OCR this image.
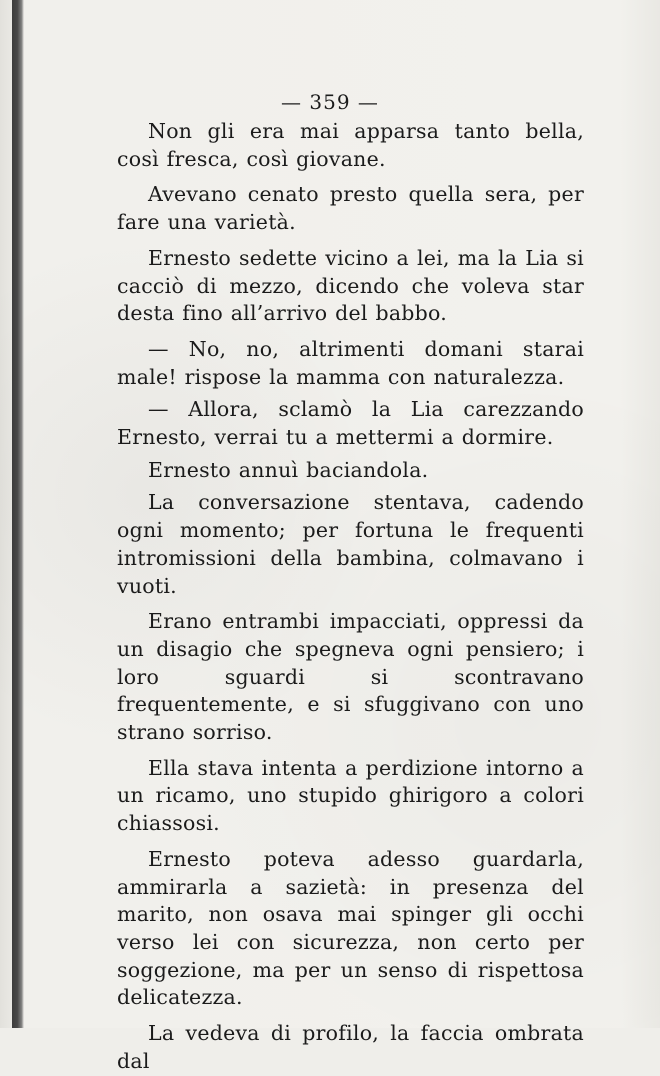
— 359 —

Non gli era mai apparsa tanto bella, così fresca, così giovane.

Avevano cenato presto quella sera, per fare una varietà.

Ernesto sedette vicino a lei, ma la Lia si cacciò di mezzo, dicendo che voleva star desta fino all’arrivo del babbo.

— No, no, altrimenti domani starai male! rispose la mamma con naturalezza.

— Allora, sclamò la Lia carezzando Ernesto, verrai tu a mettermi a dormire.

Ernesto annuì baciandola.

La conversazione stentava, cadendo ogni momento; per fortuna le frequenti intromissioni della bambina, colmavano i vuoti.

Erano entrambi impacciati, oppressi da un disagio che spegneva ogni pensiero; i loro sguardi si scontravano frequentemente, e si sfuggivano con uno strano sorriso.

Ella stava intenta a perdizione intorno a un ricamo, uno stupido ghirigoro a colori chiassosi.

Ernesto poteva adesso guardarla, ammirarla a sazietà: in presenza del marito, non osava mai spinger gli occhi verso lei con sicurezza, non certo per soggezione, ma per un senso di rispettosa delicatezza.

La vedeva di profilo, la faccia ombrata dal
